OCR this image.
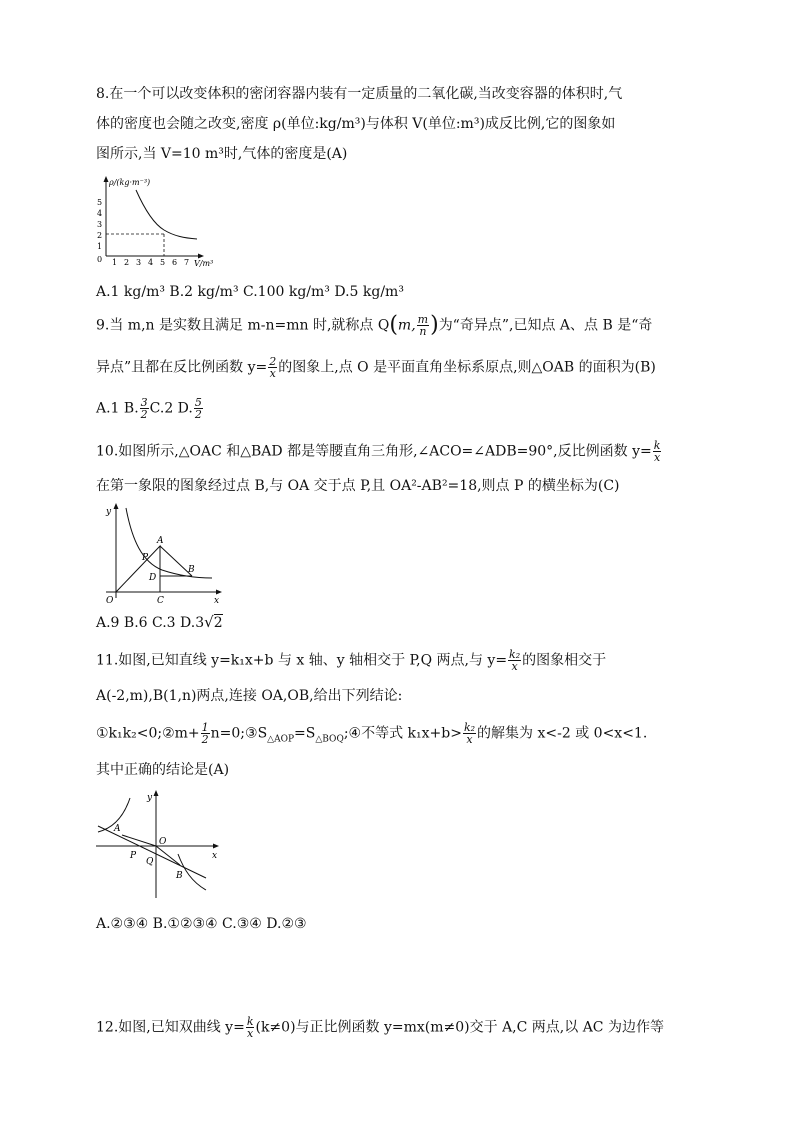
8.在一个可以改变体积的密闭容器内装有一定质量的二氧化碳,当改变容器的体积时,气
体的密度也会随之改变,密度 ρ(单位:kg/m³)与体积 V(单位:m³)成反比例,它的图象如
图所示,当 V=10 m³时,气体的密度是(A)
ρ/(kg·m⁻³)
V/m³
0
1
2
3
4
5
1 2 3 4 5 6 7
A.1 kg/m³ B.2 kg/m³ C.100 kg/m³ D.5 kg/m³
9.当 m,n 是实数且满足 m-n=mn 时,就称点 Q(m, $\frac{m}{n}$ )为“奇异点”,已知点 A、点 B 是“奇
异点”且都在反比例函数 $y= \frac{2}{x}$ 的图象上,点 O 是平面直角坐标系原点,则△OAB 的面积为(B)
A.1 B. $\frac{3}{2} C.2$ D. $\frac{5}{2}$
10.如图所示,△OAC 和△BAD 都是等腰直角三角形,∠ACO=∠ADB=90°,反比例函数 $y= \frac{k}{x}$
在第一象限的图象经过点 B,与 OA 交于点 P,且 OA²-AB²=18,则点 P 的横坐标为(C)
y
x
O
A
P
D
B
C
A.9 B.6 C.3 D.3√2
11.如图,已知直线 y=k₁x+b 与 x 轴、y 轴相交于 P,Q 两点,与 $y= \frac{\text{k₂}}{x}$ 的图象相交于
A(-2,m),B(1,n)两点,连接 OA,OB,给出下列结论:
①k₁k₂<0;②m+ $\frac{1}{2}$ $n=0;③S_{\triangle AOP}=S_{\triangle BOQ};④$不等式 $k_1x+b> \frac{\text{k₂}}{x}$ 的解集为 x<-2 或 0<x<1.
其中正确的结论是(A)
y
x
A
O
P
Q
B
A.②③④ B.①②③④ C.③④ D.②③
12.如图,已知双曲线 $y= \frac{k}{x} (k\ne 0)$与正比例函数 y=mx(m≠0)交于 A,C 两点,以 AC 为边作等
